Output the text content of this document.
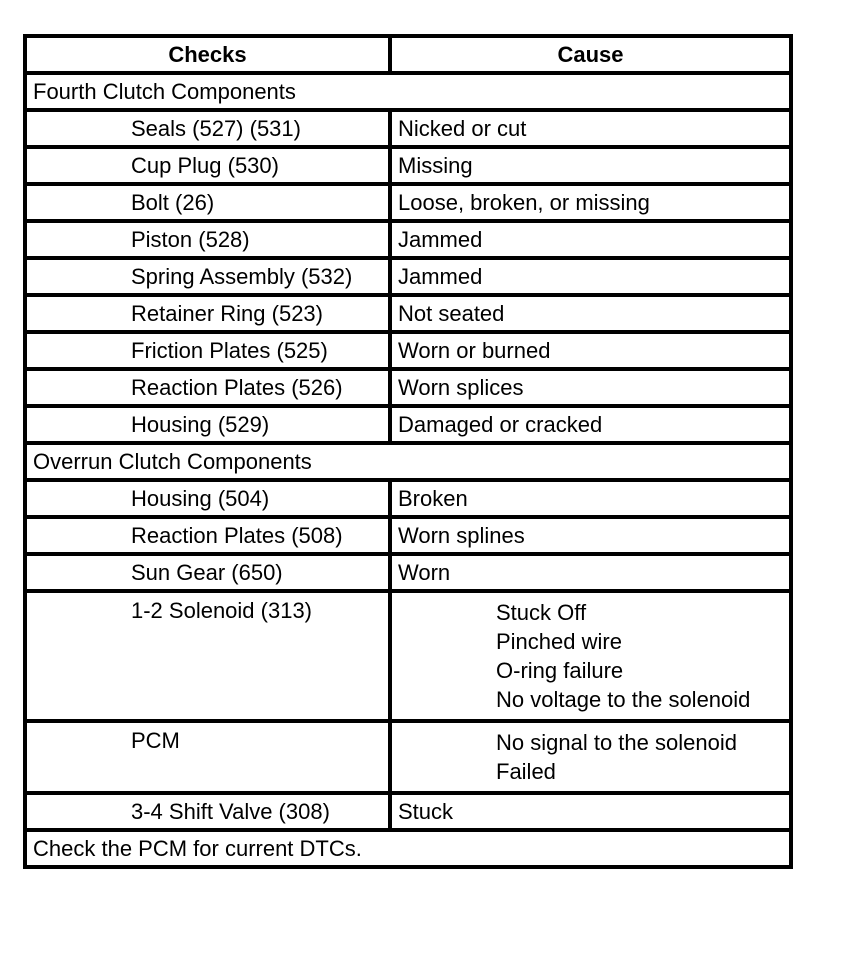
Checks	Cause
Fourth Clutch Components	
Seals (527) (531)	Nicked or cut

Cup Plug (530)	Missing

Bolt (26)	Loose, broken, or missing

Piston (528)	Jammed

Spring Assembly (532)	Jammed

Retainer Ring (523)	Not seated

Friction Plates (525)	Worn or burned

Reaction Plates (526)	Worn splices

Housing (529)	Damaged or cracked

Overrun Clutch Components	
Housing (504)	Broken

Reaction Plates (508)	Worn splines

Sun Gear (650)	Worn

1-2 Solenoid (313)	Stuck Off
Pinched wire
O-ring failure
No voltage to the solenoid

PCM	No signal to the solenoid
Failed

3-4 Shift Valve (308)	Stuck

Check the PCM for current DTCs.	
